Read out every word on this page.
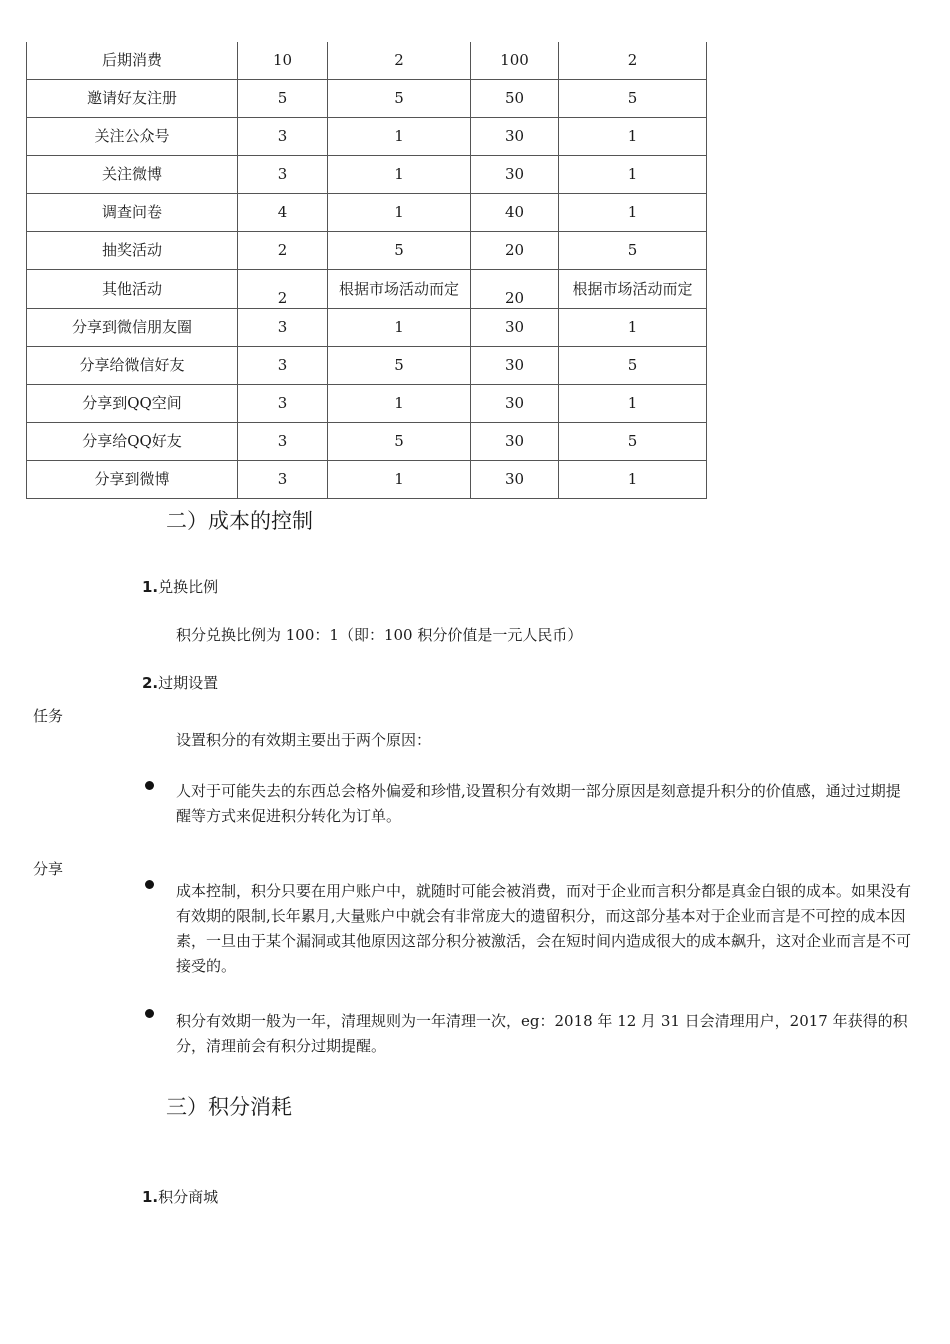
后期消费	10	2	100	2
邀请好友注册	5	5	50	5
关注公众号	3	1	30	1
关注微博	3	1	30	1
调查问卷	4	1	40	1
抽奖活动	2	5	20	5
其他活动	2	根据市场活动而定	20	根据市场活动而定
分享到微信朋友圈	3	1	30	1
分享给微信好友	3	5	30	5
分享到QQ空间	3	1	30	1
分享给QQ好友	3	5	30	5
分享到微博	3	1	30	1
二）成本的控制
1.兑换比例
积分兑换比例为 100：1（即：100 积分价值是一元人民币）
2.过期设置
任务
设置积分的有效期主要出于两个原因：
人对于可能失去的东西总会格外偏爱和珍惜,设置积分有效期一部分原因是刻意提升积分的价值感，通过过期提醒等方式来促进积分转化为订单。
分享
成本控制，积分只要在用户账户中，就随时可能会被消费，而对于企业而言积分都是真金白银的成本。如果没有有效期的限制,长年累月,大量账户中就会有非常庞大的遗留积分，而这部分基本对于企业而言是不可控的成本因素，一旦由于某个漏洞或其他原因这部分积分被激活，会在短时间内造成很大的成本飙升，这对企业而言是不可接受的。
积分有效期一般为一年，清理规则为一年清理一次，eg：2018 年 12 月 31 日会清理用户，2017 年获得的积分，清理前会有积分过期提醒。
三）积分消耗
1.积分商城
